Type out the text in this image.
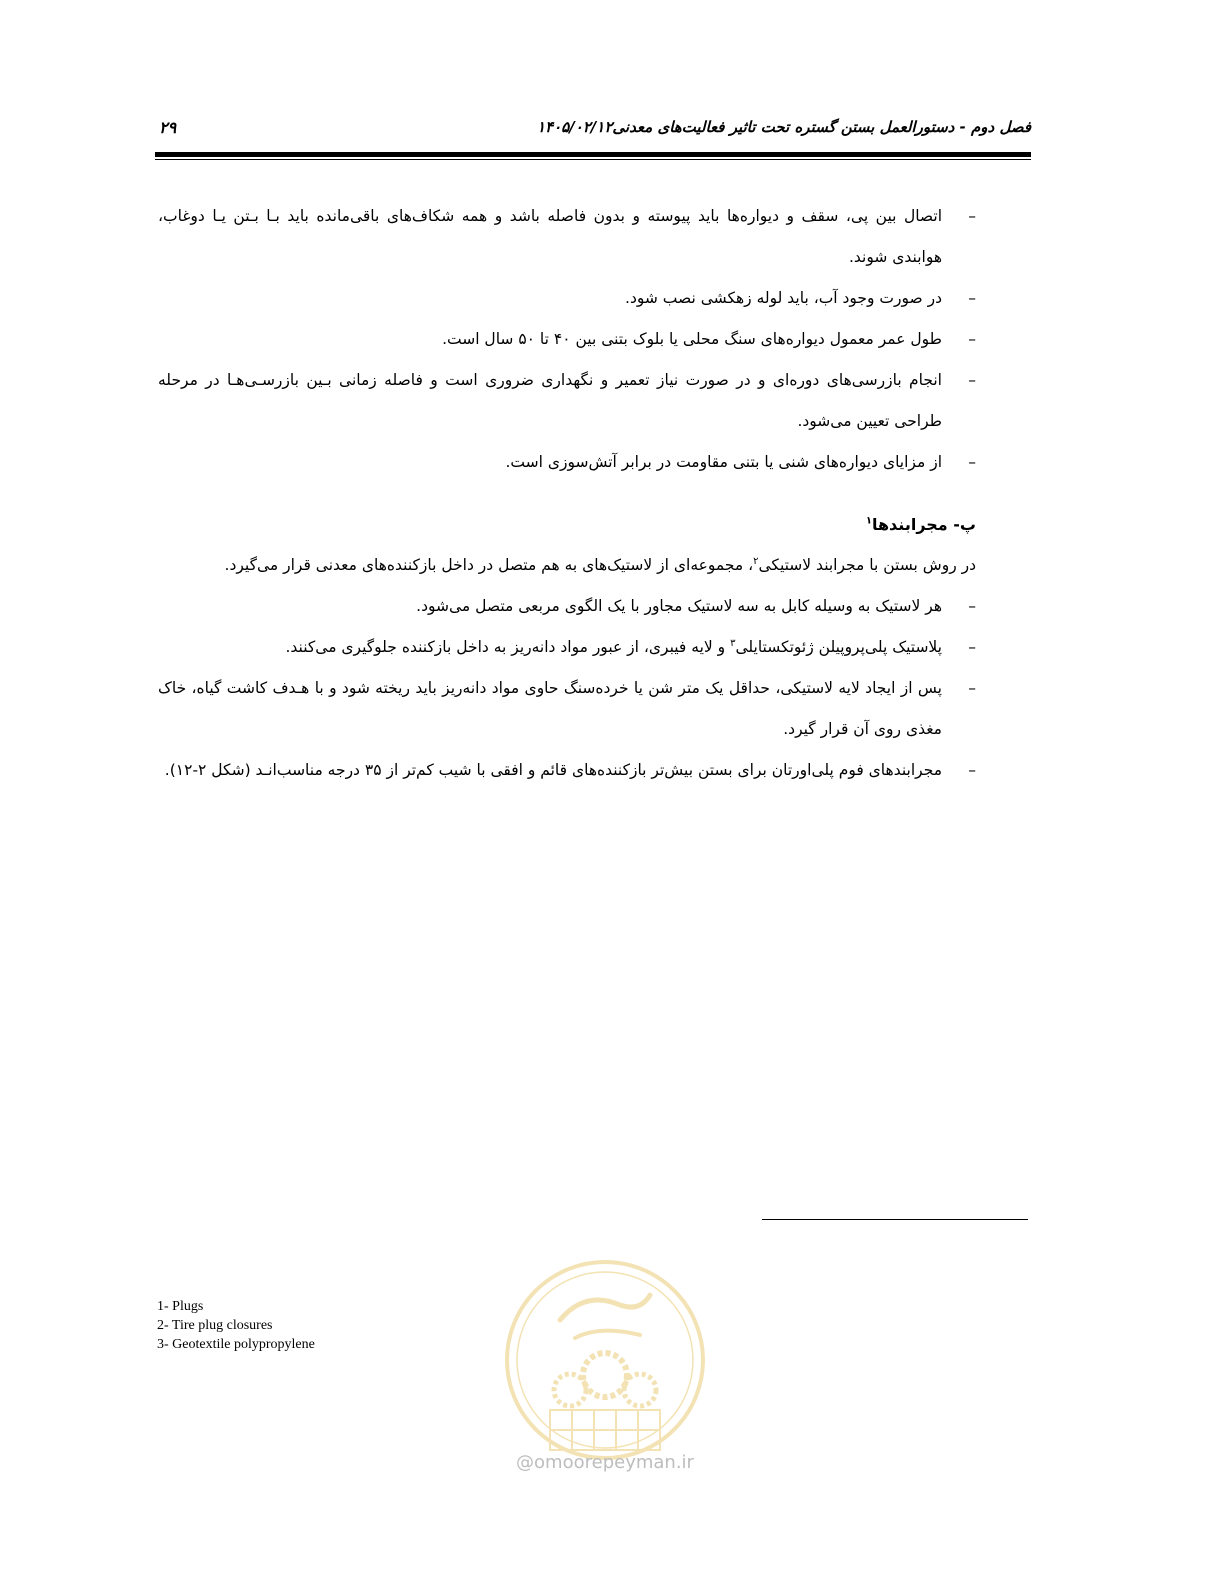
فصل دوم - دستورالعمل بستن گستره تحت تاثیر فعالیت‌های معدنی۱۴۰۵/۰۲/۱۲
۲۹
–
اتصال بین پی، سقف و دیواره‌ها باید پیوسته و بدون فاصله باشد و همه شکاف‌های باقی‌مانده باید بـا بـتن یـا دوغاب، هوابندی شوند.
–
در صورت وجود آب، باید لوله زهکشی نصب شود.
–
طول عمر معمول دیواره‌های سنگ محلی یا بلوک بتنی بین ۴۰ تا ۵۰ سال است.
–
انجام بازرسی‌های دوره‌ای و در صورت نیاز تعمیر و نگهداری ضروری است و فاصله زمانی بـین بازرسـی‌هـا در مرحله طراحی تعیین می‌شود.
–
از مزایای دیواره‌های شنی یا بتنی مقاومت در برابر آتش‌سوزی است.
پ- مجرابندها$^۱$

در روش بستن با مجرابند لاستیکی$^۲$، مجموعه‌ای از لاستیک‌های به هم متصل در داخل بازکننده‌های معدنی قرار می‌گیرد.

–
هر لاستیک به وسیله کابل به سه لاستیک مجاور با یک الگوی مربعی متصل می‌شود.
–
پلاستیک پلی‌پروپیلن ژئوتکستایلی$^۳$ و لایه فیبری، از عبور مواد دانه‌ریز به داخل بازکننده جلوگیری می‌کنند.
–
پس از ایجاد لایه لاستیکی، حداقل یک متر شن یا خرده‌سنگ حاوی مواد دانه‌ریز باید ریخته شود و با هـدف کاشت گیاه، خاک مغذی روی آن قرار گیرد.
–
مجرابندهای فوم پلی‌اورتان برای بستن بیش‌تر بازکننده‌های قائم و افقی با شیب کم‌تر از ۳۵ درجه مناسب‌انـد (شکل ۲-۱۲).
1- Plugs
2- Tire plug closures
3- Geotextile polypropylene
@omoorepeyman.ir
